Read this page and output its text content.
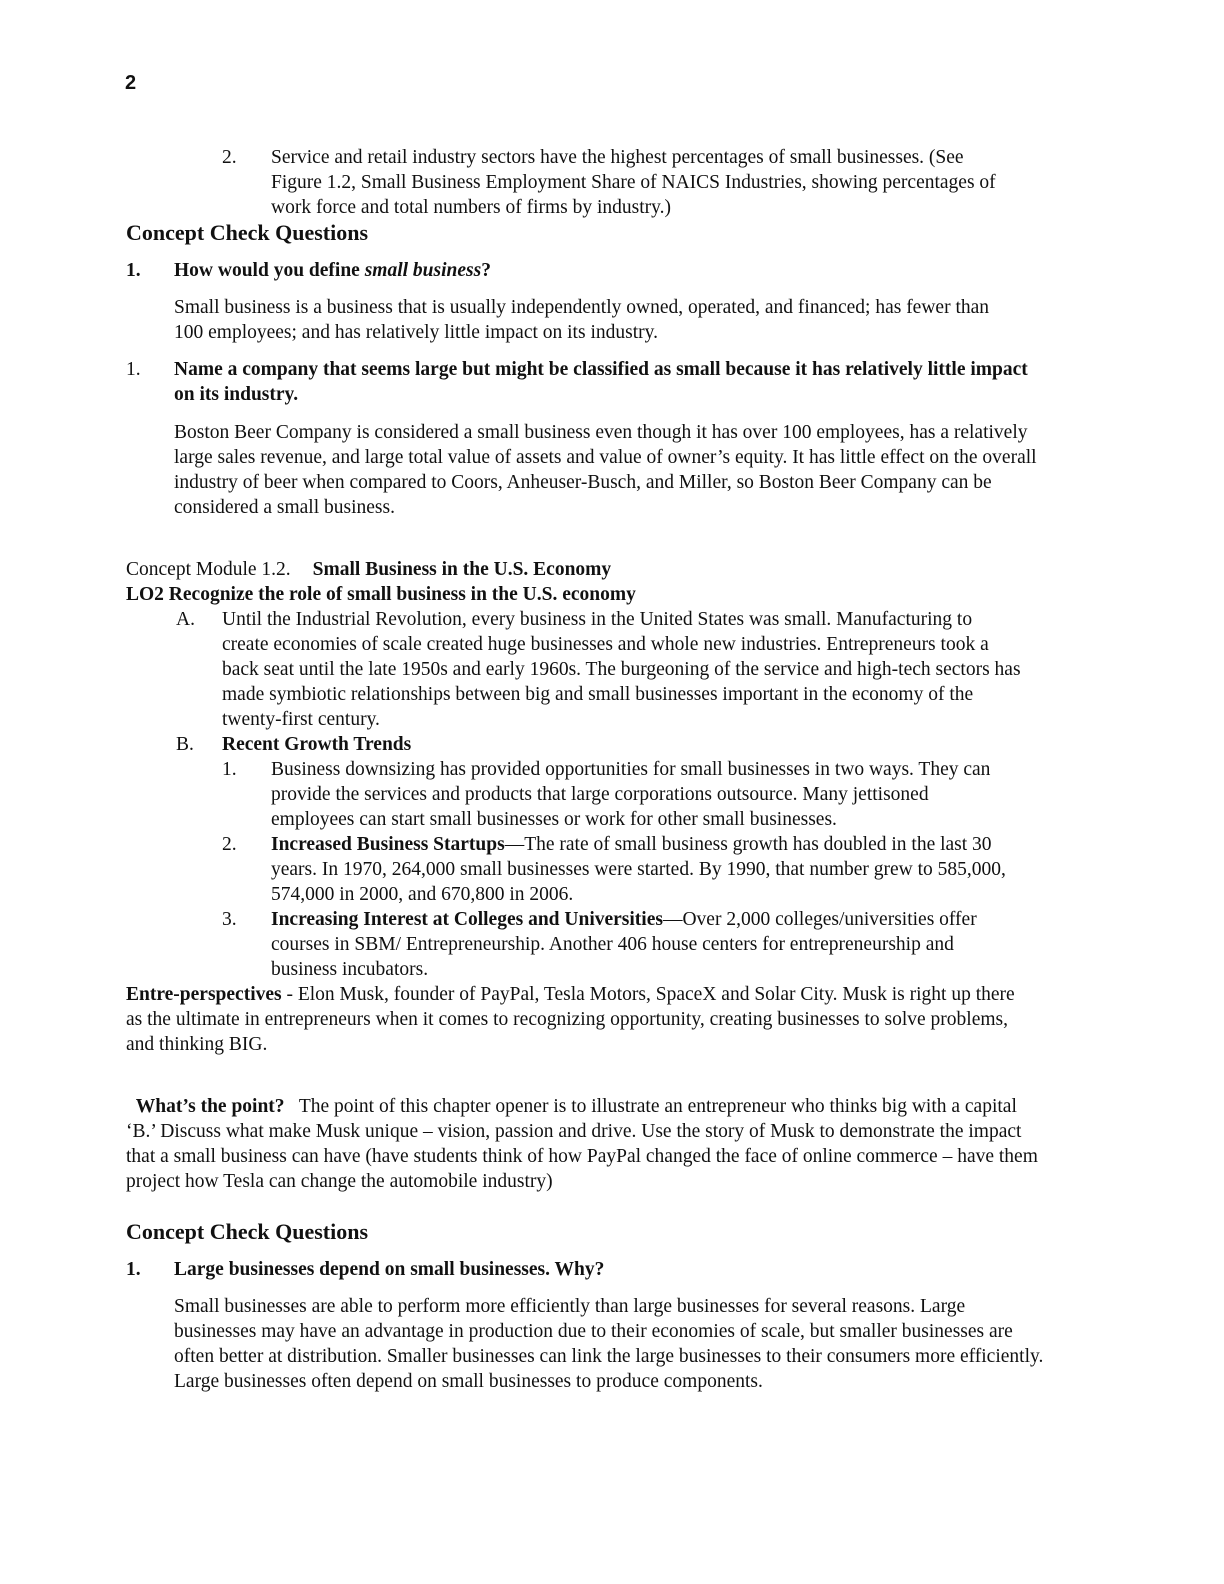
2
2. Service and retail industry sectors have the highest percentages of small businesses. (See Figure 1.2, Small Business Employment Share of NAICS Industries, showing percentages of work force and total numbers of firms by industry.)
Concept Check Questions
1. How would you define small business?
Small business is a business that is usually independently owned, operated, and financed; has fewer than 100 employees; and has relatively little impact on its industry.
1. Name a company that seems large but might be classified as small because it has relatively little impact on its industry.
Boston Beer Company is considered a small business even though it has over 100 employees, has a relatively large sales revenue, and large total value of assets and value of owner’s equity. It has little effect on the overall industry of beer when compared to Coors, Anheuser-Busch, and Miller, so Boston Beer Company can be considered a small business.
Concept Module 1.2. Small Business in the U.S. Economy
LO2 Recognize the role of small business in the U.S. economy
A. Until the Industrial Revolution, every business in the United States was small. Manufacturing to create economies of scale created huge businesses and whole new industries. Entrepreneurs took a back seat until the late 1950s and early 1960s. The burgeoning of the service and high-tech sectors has made symbiotic relationships between big and small businesses important in the economy of the twenty-first century.
B. Recent Growth Trends
1. Business downsizing has provided opportunities for small businesses in two ways. They can provide the services and products that large corporations outsource. Many jettisoned employees can start small businesses or work for other small businesses.
2. Increased Business Startups—The rate of small business growth has doubled in the last 30 years. In 1970, 264,000 small businesses were started. By 1990, that number grew to 585,000, 574,000 in 2000, and 670,800 in 2006.
3. Increasing Interest at Colleges and Universities—Over 2,000 colleges/universities offer courses in SBM/ Entrepreneurship. Another 406 house centers for entrepreneurship and business incubators.
Entre-perspectives - Elon Musk, founder of PayPal, Tesla Motors, SpaceX and Solar City. Musk is right up there as the ultimate in entrepreneurs when it comes to recognizing opportunity, creating businesses to solve problems, and thinking BIG.

What’s the point?   The point of this chapter opener is to illustrate an entrepreneur who thinks big with a capital ‘B.’ Discuss what make Musk unique – vision, passion and drive. Use the story of Musk to demonstrate the impact that a small business can have (have students think of how PayPal changed the face of online commerce – have them project how Tesla can change the automobile industry)

Concept Check Questions
1. Large businesses depend on small businesses. Why?
Small businesses are able to perform more efficiently than large businesses for several reasons. Large businesses may have an advantage in production due to their economies of scale, but smaller businesses are often better at distribution. Smaller businesses can link the large businesses to their consumers more efficiently. Large businesses often depend on small businesses to produce components.
